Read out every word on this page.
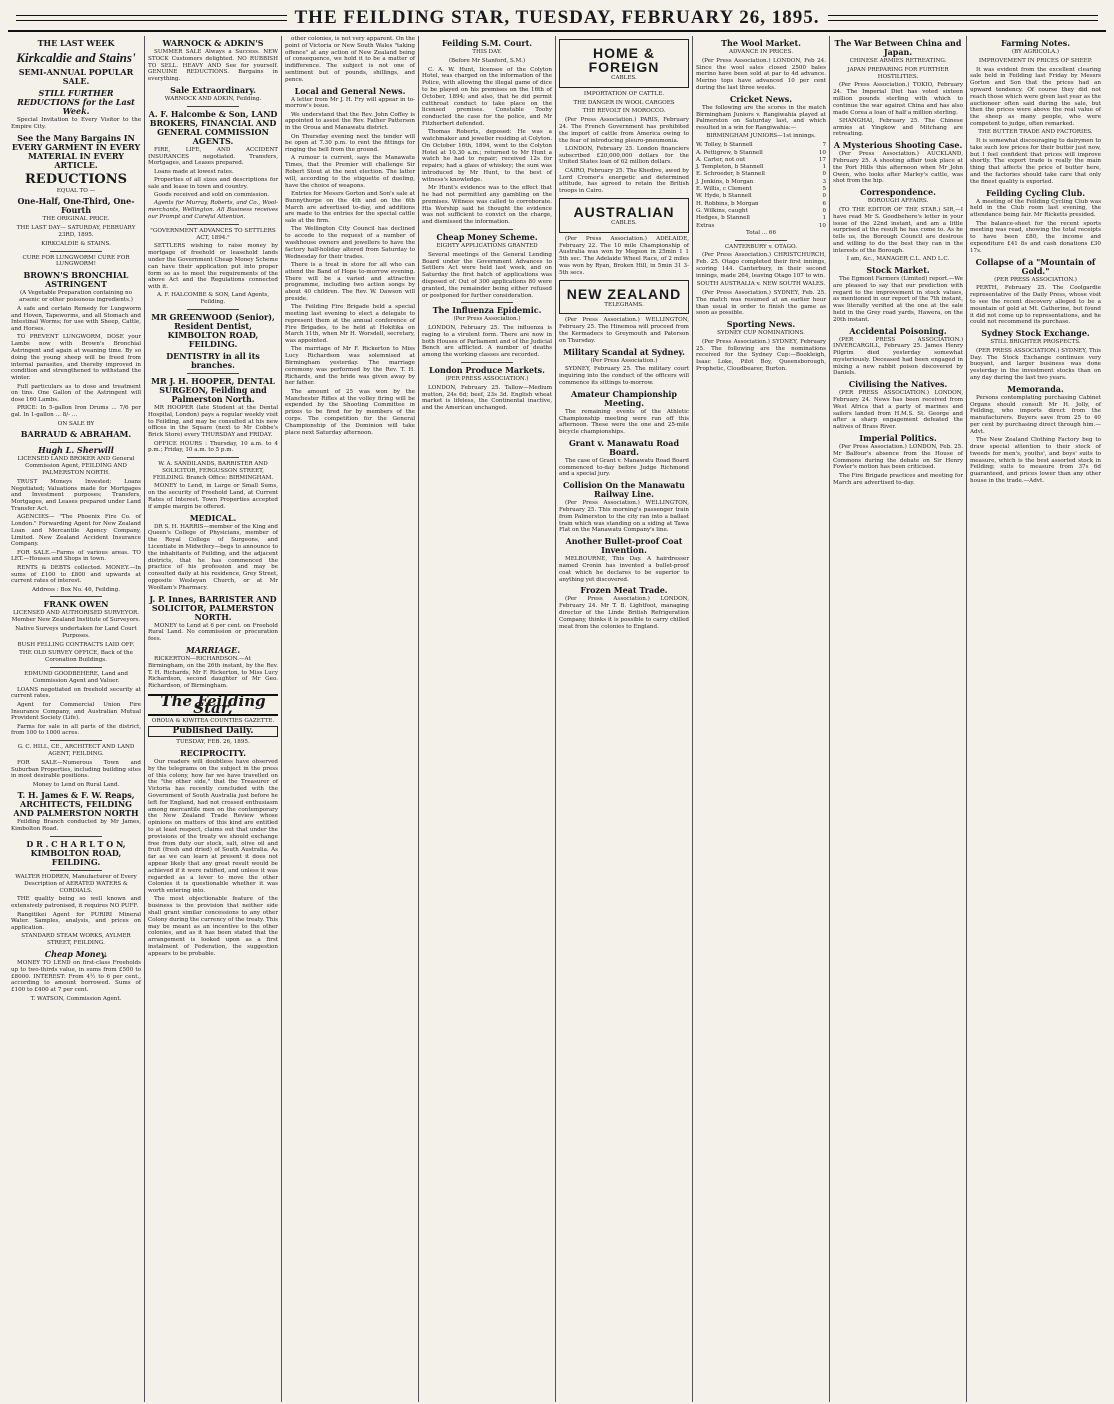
THE FEILDING STAR, TUESDAY, FEBRUARY 26, 1895.
THE LAST WEEK
Kirkcaldie and Stains'
SEMI-ANNUAL POPULAR SALE.
STILL FURTHER REDUCTIONS for the Last Week.

Special Invitation to Every Visitor to the Empire City.

See the Many Bargains IN EVERY GARMENT IN EVERY MATERIAL IN EVERY ARTICLE.
REDUCTIONS
EQUAL TO —
One-Half, One-Third, One-Fourth
THE ORIGINAL PRICE.
THE LAST DAY— SATURDAY, FEBRUARY 23RD, 1895.
KIRKCALDIE & STAINS.
CURE FOR LUNGWORM! CURE FOR LUNGWORM!
BROWN'S BRONCHIAL ASTRINGENT
(A Vegetable Preparation containing no arsenic or other poisonous ingredients.)

A safe and certain Remedy for Lungworm and Hoven, Tapeworms, and all Stomach and Intestinal Worms; for use with Sheep, Cattle, and Horses.

TO PREVENT LUNGWORM, DOSE your Lambs now with Brown's Bronchial Astringent and again at weaning time. By so doing the young sheep will be freed from internal parasites, and thereby improved in condition and strengthened to withstand the winter.

Full particulars as to dose and treatment on tins. One Gallon of the Astringent will dose 160 Lambs.

PRICE: In 5-gallon Iron Drums ... 7/6 per gal. In 1-gallon ... 8/- ...

ON SALE BY
BARRAUD & ABRAHAM.
Hugh L. Sherwill
LICENSED LAND BROKER AND General Commission Agent, FEILDING AND PALMERSTON NORTH.

TRUST Moneys Invested; Loans Negotiated; Valuations made for Mortgages and Investment purposes; Transfers, Mortgages, and Leases prepared under Land Transfer Act.

AGENCIES— "The Phoenix Fire Co. of London." Forwarding Agent for New Zealand Loan and Mercantile Agency Company, Limited. New Zealand Accident Insurance Company.

FOR SALE.—Farms of various areas. TO LET.—Houses and Shops in town.

RENTS & DEBTS collected. MONEY.—In sums of £100 to £800 and upwards at current rates of interest.

Address : Box No. 46, Feilding.
FRANK OWEN
LICENSED AND AUTHORISED SURVEYOR. Member New Zealand Institute of Surveyors.
Native Surveys undertaken for Land Court Purposes.
BUSH FELLING CONTRACTS LAID OFF.
THE OLD SURVEY OFFICE, Back of the Coronation Buildings.
EDMUND GOODBEHERE, Land and Commission Agent and Valuer.

LOANS negotiated on freehold security at current rates.

Agent for Commercial Union Fire Insurance Company, and Australian Mutual Provident Society (Life).

Farms for sale in all parts of the district, from 100 to 1000 acres.

G. C. HILL, CE., ARCHITECT AND LAND AGENT, FEILDING.

FOR SALE—Numerous Town and Suburban Properties, including building sites in most desirable positions.

Money to Lend on Rural Land.
T. H. James & F. W. Reaps, ARCHITECTS, FEILDING AND PALMERSTON NORTH

Feilding Branch conducted by Mr James, Kimbolton Road.

D R . C H A R L T O N, KIMBOLTON ROAD, FEILDING.
WALTER HODREN, Manufacturer of Every Description of AERATED WATERS & CORDIALS.

THE quality being so well known and extensively patronised, it requires NO PUFF.

Rangitikei Agent for PURIRI Mineral Water. Samples, analysis, and prices on application.

STANDARD STEAM WORKS, AYLMER STREET, FEILDING.
Cheap Money.

MONEY TO LEND on first-class Freeholds up to two-thirds value, in sums from £500 to £8000. INTEREST: From 4½ to 6 per cent., according to amount borrowed. Sums of £100 to £400 at 7 per cent.

T. WATSON, Commission Agent.
WARNOCK & ADKIN'S

SUMMER SALE Always a Success. NEW STOCK Customers delighted. NO RUBBISH TO SELL. HEAVY AND See for yourself. GENUINE REDUCTIONS. Bargains in everything.

Sale Extraordinary.
WARNOCK AND ADKIN, Feilding.
A. F. Halcombe & Son, LAND BROKERS, FINANCIAL AND GENERAL COMMISSION AGENTS.

FIRE, LIFE, AND ACCIDENT INSURANCES negotiated. Transfers, Mortgages, and Leases prepared.

Loans made at lowest rates.

Properties of all sizes and descriptions for sale and lease in town and country.

Goods received and sold on commission.

Agents for Murray, Roberts, and Co., Wool-merchants, Wellington. All Business receives our Prompt and Careful Attention.

"GOVERNMENT ADVANCES TO SETTLERS ACT, 1894."

SETTLERS wishing to raise money by mortgage of freehold or leasehold lands under the Government Cheap Money Scheme can have their application put into proper form so as to meet the requirements of the above Act and the Regulations connected with it.

A. F. HALCOMBE & SON, Land Agents, Feilding.
MR GREENWOOD (Senior), Resident Dentist, KIMBOLTON ROAD, FEILDING.
DENTISTRY in all its branches.
MR J. H. HOOPER, DENTAL SURGEON, Feilding and Palmerston North.

MR HOOPER (late Student at the Dental Hospital, London) pays a regular weekly visit to Feilding, and may be consulted at his new offices in the Square (next to Mr Cobbe's Brick Store) every THURSDAY and FRIDAY.

OFFICE HOURS : Thursday, 10 a.m. to 4 p.m.; Friday, 10 a.m. to 5 p.m.

W. A. SANDILANDS, BARRISTER AND SOLICITOR, FERGUSSON STREET, FEILDING. Branch Office: BIRMINGHAM.

MONEY to Lend, in Large or Small Sums, on the security of Freehold Land, at Current Rates of Interest. Town Properties accepted if ample margin be offered.

MEDICAL.

DR S. H. HARRIS—member of the King and Queen's College of Physicians, member of the Royal College of Surgeons, and Licentiate in Midwifery—begs to announce to the inhabitants of Feilding, and the adjacent districts, that he has commenced the practice of his profession and may be consulted daily at his residence, Grey Street, opposite Wesleyan Church, or at Mr Woollam's Pharmacy.

J. P. Innes, BARRISTER AND SOLICITOR, PALMERSTON NORTH.

MONEY to Lend at 6 per cent. on Freehold Rural Land. No commission or procuration fees.

MARRIAGE.

RICKERTON—RICHARDSON.—At Birmingham, on the 26th instant, by the Rev. T. H. Richards, Mr F. Rickerton, to Miss Lucy Richardson, second daughter of Mr Geo. Richardson, of Birmingham.

The Feilding Star,
OROUA & KIWITEA COUNTIES GAZETTE.
Published Daily.
TUESDAY, FEB. 26, 1895.
RECIPROCITY.

Our readers will doubtless have observed by the telegrams on the subject in the press of this colony, how far we have travelled on the "the other side," that the Treasurer of Victoria has recently concluded with the Government of South Australia just before he left for England, had not crossed enthusiasm among mercantile men on the contemporary the New Zealand Trade Review whose opinions on matters of this kind are entitled to at least respect, claims out that under the provisions of the treaty we should exchange free from duty our stock, salt, olive oil and fruit (fresh and dried) of South Australia. As far as we can learn at present it does not appear likely that any great result would be achieved if it were ratified, and unless it was regarded as a lever to move the other Colonies it is questionable whether it was worth entering into.

The most objectionable feature of the business is the provision that neither side shall grant similar concessions to any other Colony during the currency of the treaty. This may be meant as an incentive to the other colonies, and as it has been stated that the arrangement is looked upon as a first instalment of Federation, the suggestion appears to be probable.

other colonies, is not very apparent. On the point of Victoria or New South Wales "taking offence" at any action of New Zealand being of consequence, we hold it to be a matter of indifference. The subject is not one of sentiment but of pounds, shillings, and pence.

Local and General News.

A letter from Mr J. H. Fry will appear in to-morrow's issue.

We understand that the Rev. John Coffey is appointed to assist the Rev. Father Patterson in the Oroua and Manawatu district.

On Thursday evening next the tender will be open at 7.30 p.m. to rent the fittings for ringing the bell from the ground.

A rumour is current, says the Manawatu Times, that the Premier will challenge Sir Robert Stout at the next election. The latter will, according to the etiquette of dueling, have the choice of weapons.

Entries for Messrs Gorton and Son's sale at Bunnythorpe on the 4th and on the 6th March are advertised to-day, and additions are made to the entries for the special cattle sale at the firm.

The Wellington City Council has declined to accede to the request of a number of washhouse owners and jewellers to have the factory half-holiday altered from Saturday to Wednesday for their trades.

There is a treat in store for all who can attend the Band of Hope to-morrow evening. There will be a varied and attractive programme, including two action songs by about 40 children. The Rev. W. Dawson will preside.

The Feilding Fire Brigade held a special meeting last evening to elect a delegate to represent them at the annual conference of Fire Brigades, to be held at Hokitika on March 11th, when Mr H. Worsdell, secretary, was appointed.

The marriage of Mr F. Rickerton to Miss Lucy Richardson was solemnised at Birmingham yesterday. The marriage ceremony was performed by the Rev. T. H. Richards, and the bride was given away by her father.

The amount of 25 was won by the Manchester Rifles at the volley firing will be expended by the Shooting Committee in prizes to be fired for by members of the corps. The competition for the General Championship of the Dominion will take place next Saturday afternoon.

Feilding S.M. Court.
THIS DAY.
(Before Mr Stanford, S.M.)

C. A. W. Hunt, licensee of the Colyton Hotel, was charged on the information of the Police, with allowing the illegal game of dice to be played on his premises on the 16th of October, 1894; and also, that he did permit cutthroat conduct to take place on the licensed premises. Constable Toohy conducted the case for the police, and Mr Fitzherbert defended.

Thomas Roberts, deposed: He was a watchmaker and jeweller residing at Colyton. On October 16th, 1894, went to the Colyton Hotel at 10.30 a.m.; returned to Mr Hunt a watch he had to repair; received 12s for repairs; had a glass of whiskey; the sum was introduced by Mr Hunt, to the best of witness's knowledge.

Mr Hunt's evidence was to the effect that he had not permitted any gambling on the premises. Witness was called to corroborate. His Worship said he thought the evidence was not sufficient to convict on the charge, and dismissed the information.

Cheap Money Scheme.
EIGHTY APPLICATIONS GRANTED

Several meetings of the General Lending Board under the Government Advances to Settlers Act were held last week, and on Saturday the first batch of applications was disposed of. Out of 300 applications 80 were granted, the remainder being either refused or postponed for further consideration.

The Influenza Epidemic.
(Per Press Association.)

LONDON, February 25. The influenza is raging to a virulent form. There are now in both Houses of Parliament and of the Judicial Bench are afflicted. A number of deaths among the working classes are recorded.

London Produce Markets.
(PER PRESS ASSOCIATION.)

LONDON, February 25. Tallow—Medium mutton, 24s 6d; beef, 23s 3d. English wheat market is lifeless, the Continental inactive, and the American unchanged.

HOME & FOREIGN
CABLES.
IMPORTATION OF CATTLE.
THE DANGER IN WOOL CARGOES
THE REVOLT IN MOROCCO.

(Per Press Association.) PARIS, February 24. The French Government has prohibited the import of cattle from America owing to the fear of introducing pleuro-pneumonia.

LONDON, February 25. London financiers subscribed £20,000,000 dollars for the United States loan of 62 million dollars.

CAIRO, February 25. The Khedive, awed by Lord Cromer's energetic and determined attitude, has agreed to retain the British troops in Cairo.

AUSTRALIAN
CABLES.

(Per Press Association.) ADELAIDE, February 22. The 10 mile Championship of Australia was won by Megson in 25min 1 1 5th sec. The Adelaide Wheel Race, of 2 miles was won by Ryan, Broken Hill, in 5min 31 3-5th secs.

NEW ZEALAND
TELEGRAMS.

(Per Press Association.) WELLINGTON, February 25. The Hinemoa will proceed from the Kermadecs to Greymouth and Paterson on Thursday.

Military Scandal at Sydney.
(Per Press Association.)

SYDNEY, February 25. The military court inquiring into the conduct of the officers will commence its sittings to-morrow.

Amateur Championship Meeting.

The remaining events of the Athletic Championship meeting were run off this afternoon. These were the one and 25-mile bicycle championships.

Grant v. Manawatu Road Board.

The case of Grant v. Manawatu Road Board commenced to-day before Judge Richmond and a special jury.

Collision On the Manawatu Railway Line.

(Per Press Association.) WELLINGTON, February 25. This morning's passenger train from Palmerston to the city ran into a ballast train which was standing on a siding at Tawa Flat on the Manawatu Company's line.

Another Bullet-proof Coat Invention.

MELBOURNE, This Day. A hairdresser named Cronin has invented a bullet-proof coat which he declares to be superior to anything yet discovered.

Frozen Meat Trade.

(Per Press Association.) LONDON, February 24. Mr T. B. Lightfoot, managing director of the Linde British Refrigeration Company, thinks it is possible to carry chilled meat from the colonies to England.

The Wool Market.
ADVANCE IN PRICES.

(Per Press Association.) LONDON, Feb 24. Since the wool sales closed 2500 bales merino have been sold at par to 4d advance. Merino tops have advanced 10 per cent during the last three weeks.

Cricket News.

The following are the scores in the match Birmingham Juniors v. Rangiwahia played at Palmerston on Saturday last, and which resulted in a win for Rangiwahia:—

BIRMINGHAM JUNIORS—1st innings.

W. Tolley, b Stannell	7

A. Pettigrew, b Stannell	10

A. Carter, not out	17

J. Templeton, b Stannell	1

E. Schroeder, b Stannell	0

J. Jenkins, b Morgan	3

E. Willis, c Clement	5

W. Hyde, b Stannell	0

H. Robbins, b Morgan	6

G. Wilkins, caught	0

Hedges, b Stannell	1

Extras	10

Total ... 66
CANTERBURY v. OTAGO.

(Per Press Association.) CHRISTCHURCH, Feb. 25. Otago completed their first innings, scoring 144. Canterbury, in their second innings, made 264, leaving Otago 107 to win.

SOUTH AUSTRALIA v. NEW SOUTH WALES.

(Per Press Association.) SYDNEY, Feb. 25. The match was resumed at an earlier hour than usual in order to finish the game as soon as possible.

Sporting News.
SYDNEY CUP NOMINATIONS.

(Per Press Association.) SYDNEY, February 25. The following are the nominations received for the Sydney Cup:—Bookleigh, Isaac Loke, Pilot Boy, Queensborough, Prophetic, Cloudbearer, Burton.

The War Between China and Japan.
CHINESE ARMIES RETREATING.
JAPAN PREPARING FOR FURTHER HOSTILITIES.

(Per Press Association.) TOKIO, February 24. The Imperial Diet has voted sixteen million pounds sterling with which to continue the war against China and has also made Corea a loan of half a million sterling.

SHANGHAI, February 25. The Chinese armies at Yingkow and Mitchang are retreating.

A Mysterious Shooting Case.

(Per Press Association.) AUCKLAND, February 25. A shooting affair took place at the Port Hills this afternoon when Mr John Owen, who looks after Marley's cattle, was shot from the hip.

Correspondence.
BOROUGH AFFAIRS.

(TO THE EDITOR OF THE STAR.) SIR,—I have read Mr S. Goodbehere's letter in your issue of the 22nd instant, and am a little surprised at the result he has come to. As he tells us, the Borough Council are desirous and willing to do the best they can in the interests of the Borough.

I am, &c., MANAGER C.L. AND L.C.
Stock Market.

The Egmont Farmers (Limited) report.—We are pleased to say that our prediction with regard to the improvement in stock values, as mentioned in our report of the 7th instant, was literally verified at the one at the sale held in the Grey road yards, Hawera, on the 20th instant.

Accidental Poisoning.

(PER PRESS ASSOCIATION.) INVERCARGILL, February 25. James Henry Pilgrim died yesterday somewhat mysteriously. Deceased had been engaged in mixing a new rabbit poison discovered by Daniels.

Civilising the Natives.

(PER PRESS ASSOCIATION.) LONDON, February 24. News has been received from West Africa that a party of marines and sailors landed from H.M.S. St. George and after a sharp engagement defeated the natives of Brass River.

Imperial Politics.

(Per Press Association.) LONDON, Feb. 25. Mr Balfour's absence from the House of Commons during the debate on Sir Henry Fowler's motion has been criticised.

The Fire Brigade practices and meeting for March are advertised to-day.

Farming Notes.
(BY AGRICOLA.)
IMPROVEMENT IN PRICES OF SHEEP.

It was evident from the excellent clearing sale held in Feilding last Friday by Messrs Gorton and Son that the prices had an upward tendency. Of course they did not reach those which were given last year as the auctioneer often said during the sale, but then the prices were above the real value of the sheep as many people, who were competent to judge, often remarked.

THE BUTTER TRADE AND FACTORIES.

It is somewhat discouraging to dairymen to take such low prices for their butter just now, but I feel confident that prices will improve shortly. The export trade is really the main thing that affects the price of butter here, and the factories should take care that only the finest quality is exported.

Feilding Cycling Club.

A meeting of the Feilding Cycling Club was held in the Club room last evening, the attendance being fair. Mr Ricketts presided.

The balance-sheet for the recent sports meeting was read, showing the total receipts to have been £80, the income and expenditure £41 8s and cash donations £30 17s.

Collapse of a "Mountain of Gold."
(PER PRESS ASSOCIATION.)

PERTH, February 25. The Coolgardie representative of the Daily Press, whose visit to see the recent discovery alleged to be a mountain of gold at Mt. Catherine, but found it did not come up to representations, and he could not recommend its purchase.

Sydney Stock Exchange.
STILL BRIGHTER PROSPECTS.

(PER PRESS ASSOCIATION.) SYDNEY, This Day. The Stock Exchange continues very buoyant, and larger business was done yesterday in the investment stocks than on any day during the last two years.

Memoranda.

Persons contemplating purchasing Cabinet Organs should consult Mr H. Jolly, of Feilding, who imports direct from the manufacturers. Buyers save from 25 to 40 per cent by purchasing direct through him.—Advt.

The New Zealand Clothing Factory beg to draw special attention to their stock of tweeds for men's, youths', and boys' suits to measure, which is the best assorted stock in Feilding; suits to measure from 37s 6d guaranteed, and prices lower than any other house in the trade.—Advt.
